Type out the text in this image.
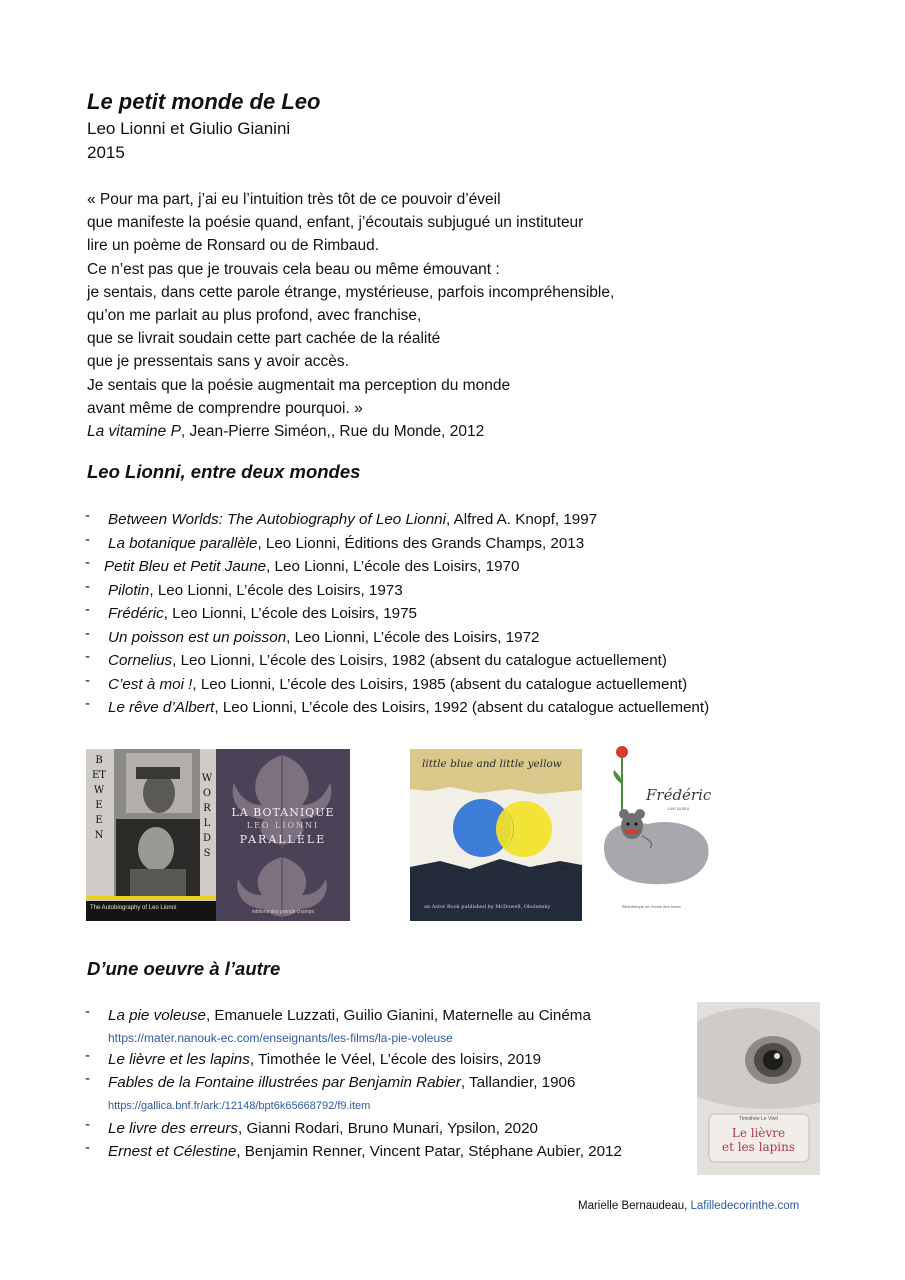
Le petit monde de Leo
Leo Lionni et Giulio Gianini
2015
« Pour ma part, j’ai eu l’intuition très tôt de ce pouvoir d’éveil
que manifeste la poésie quand, enfant, j’écoutais subjugué un instituteur
lire un poème de Ronsard ou de Rimbaud.
Ce n’est pas que je trouvais cela beau ou même émouvant :
je sentais, dans cette parole étrange, mystérieuse, parfois incompréhensible,
qu’on me parlait au plus profond, avec franchise,
que se livrait soudain cette part cachée de la réalité
que je pressentais sans y avoir accès.
Je sentais que la poésie augmentait ma perception du monde
avant même de comprendre pourquoi. »
La vitamine P, Jean-Pierre Siméon,, Rue du Monde, 2012
Leo Lionni, entre deux mondes
- Between Worlds: The Autobiography of Leo Lionni, Alfred A. Knopf, 1997
- La botanique parallèle, Leo Lionni, Éditions des Grands Champs, 2013
- Petit Bleu et Petit Jaune, Leo Lionni, L’école des Loisirs, 1970
- Pilotin, Leo Lionni, L’école des Loisirs, 1973
- Frédéric, Leo Lionni, L’école des Loisirs, 1975
- Un poisson est un poisson, Leo Lionni, L’école des Loisirs, 1972
- Cornelius, Leo Lionni, L’école des Loisirs, 1982 (absent du catalogue actuellement)
- C’est à moi !, Leo Lionni, L’école des Loisirs, 1985 (absent du catalogue actuellement)
- Le rêve d’Albert, Leo Lionni, L’école des Loisirs, 1992 (absent du catalogue actuellement)
BETWEEN
WORLDS
The Autobiography of Leo Lionni
LA BOTANIQUE
LEO LIONNI
PARALLÈLE
éditions des grands champs
little blue and little yellow
by Leo Lionni
an Astor Book published by McDowell, Obolensky
Frédéric
Leo Lionni
Bibliothèque de l’école des loisirs
D’une oeuvre à l’autre
- La pie voleuse, Emanuele Luzzati, Guilio Gianini, Maternelle au Cinéma
https://mater.nanouk-ec.com/enseignants/les-films/la-pie-voleuse
- Le lièvre et les lapins, Timothée le Véel, L’école des loisirs, 2019
- Fables de la Fontaine illustrées par Benjamin Rabier, Tallandier, 1906
https://gallica.bnf.fr/ark:/12148/bpt6k65668792/f9.item
- Le livre des erreurs, Gianni Rodari, Bruno Munari, Ypsilon, 2020
- Ernest et Célestine, Benjamin Renner, Vincent Patar, Stéphane Aubier, 2012
Timothée Le Véel
Le lièvre
et les lapins
Marielle Bernaudeau, Lafilledecorinthe.com
